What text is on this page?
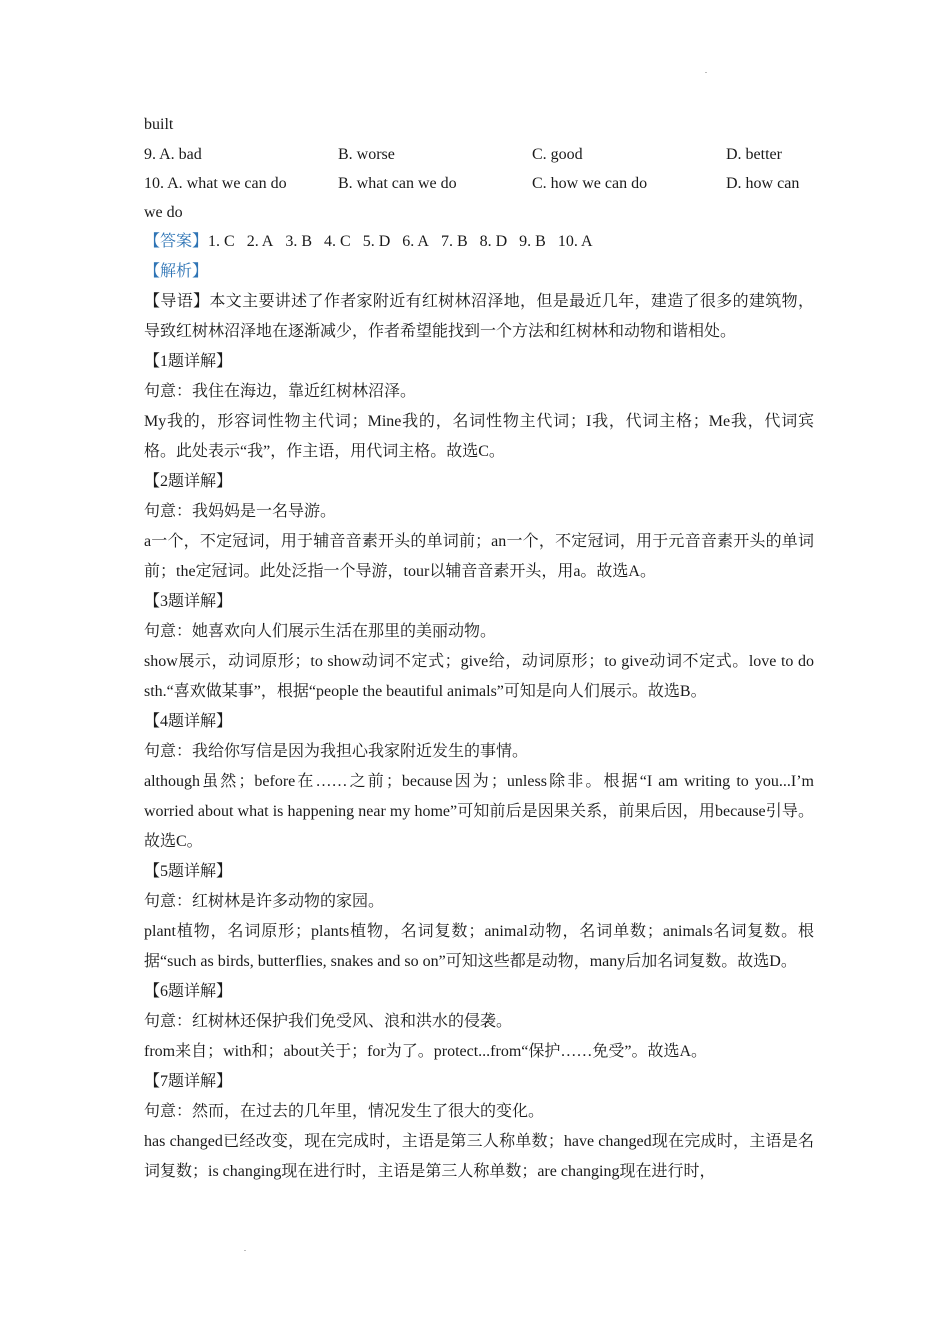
built
9. A. bad	B. worse	C. good	D. better
10. A. what we can do	B. what can we do	C. how we can do	D. how can
we do
【答案】1. C 2. A 3. B 4. C 5. D 6. A 7. B 8. D 9. B 10. A
【解析】
【导语】本文主要讲述了作者家附近有红树林沼泽地，但是最近几年，建造了很多的建筑物，导致红树林沼泽地在逐渐减少，作者希望能找到一个方法和红树林和动物和谐相处。
【1题详解】
句意：我住在海边，靠近红树林沼泽。
My我的，形容词性物主代词；Mine我的，名词性物主代词；I我，代词主格；Me我，代词宾格。此处表示“我”，作主语，用代词主格。故选C。
【2题详解】
句意：我妈妈是一名导游。
a一个，不定冠词，用于辅音音素开头的单词前；an一个，不定冠词，用于元音音素开头的单词前；the定冠词。此处泛指一个导游，tour以辅音音素开头，用a。故选A。
【3题详解】
句意：她喜欢向人们展示生活在那里的美丽动物。
show展示，动词原形；to show动词不定式；give给，动词原形；to give动词不定式。love to do sth.“喜欢做某事”，根据“people the beautiful animals”可知是向人们展示。故选B。
【4题详解】
句意：我给你写信是因为我担心我家附近发生的事情。
although虽然；before在……之前；because因为；unless除非。根据“I am writing to you...I’m worried about what is happening near my home”可知前后是因果关系，前果后因，用because引导。故选C。
【5题详解】
句意：红树林是许多动物的家园。
plant植物，名词原形；plants植物，名词复数；animal动物，名词单数；animals名词复数。根据“such as birds, butterflies, snakes and so on”可知这些都是动物，many后加名词复数。故选D。
【6题详解】
句意：红树林还保护我们免受风、浪和洪水的侵袭。
from来自；with和；about关于；for为了。protect...from“保护……免受”。故选A。
【7题详解】
句意：然而，在过去的几年里，情况发生了很大的变化。
has changed已经改变，现在完成时，主语是第三人称单数；have changed现在完成时，主语是名词复数；is changing现在进行时，主语是第三人称单数；are changing现在进行时，
